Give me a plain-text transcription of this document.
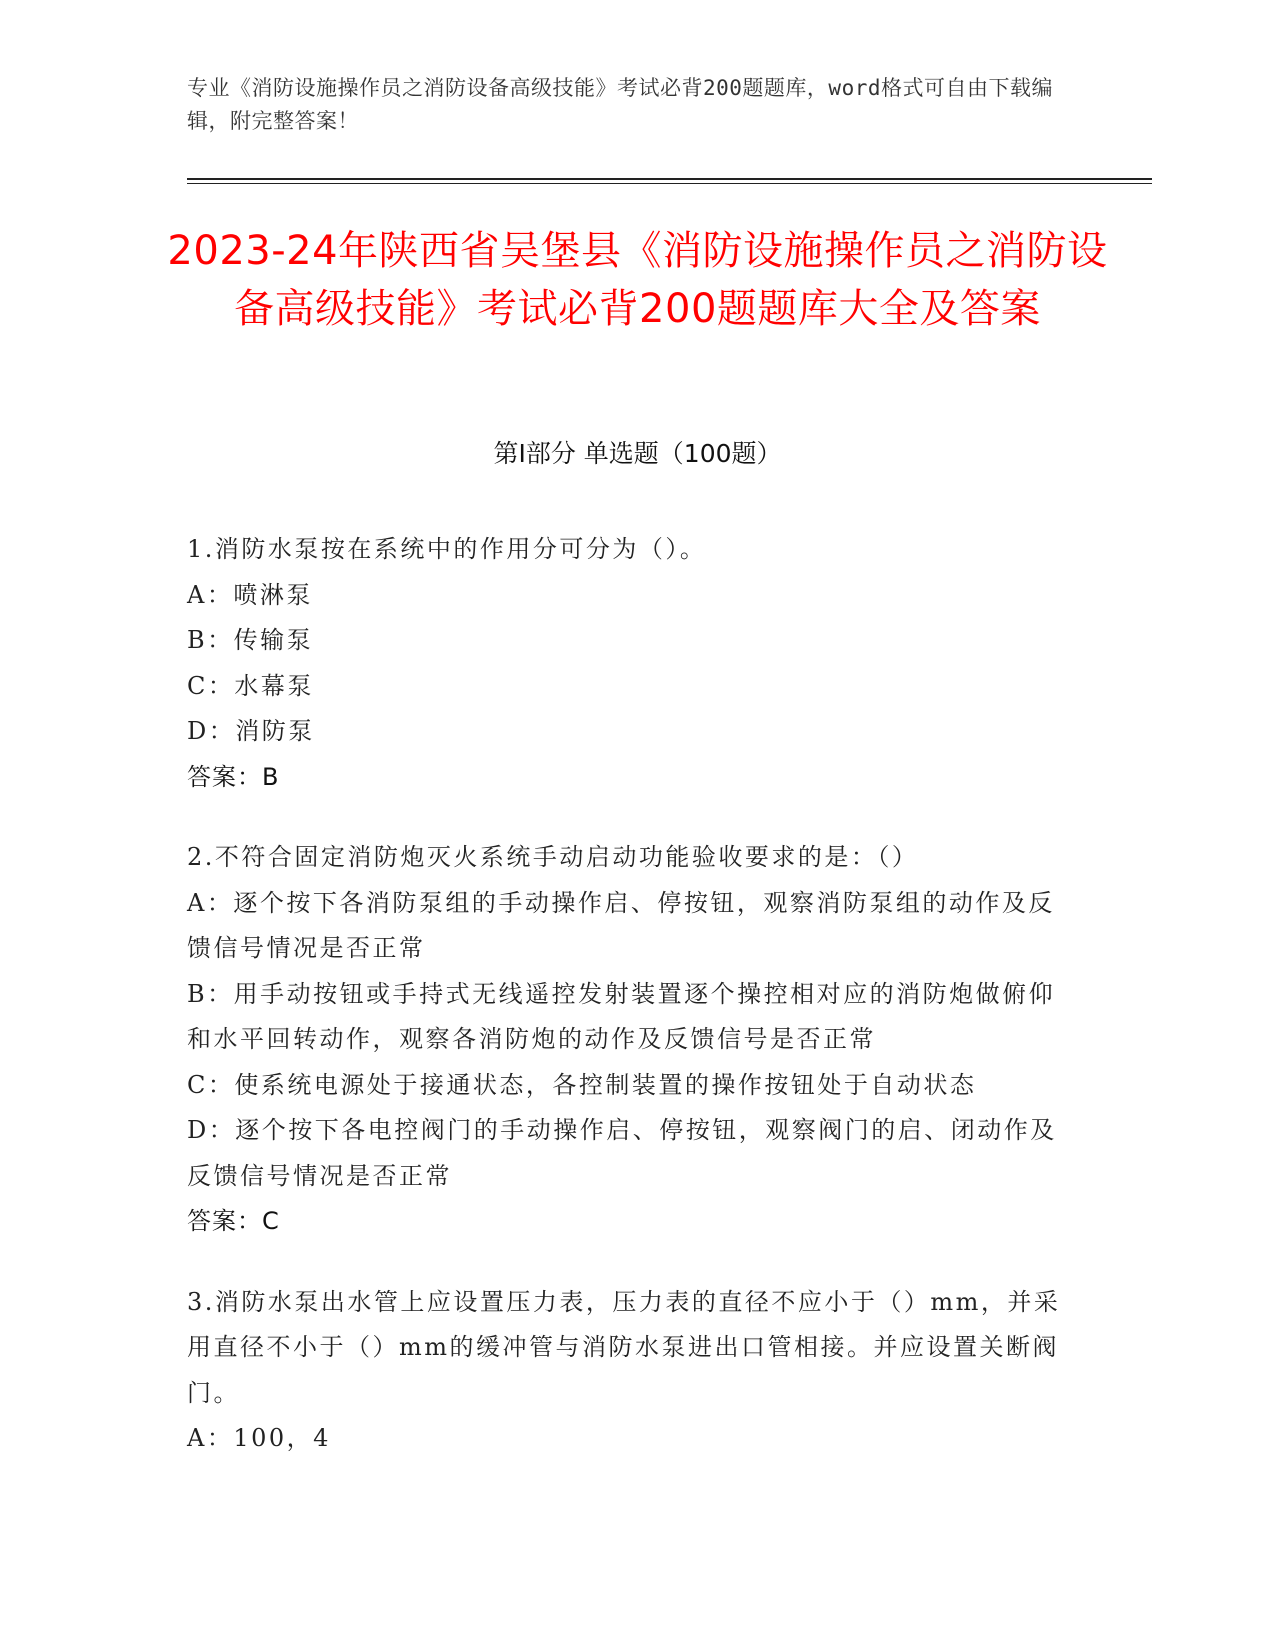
专业《消防设施操作员之消防设备高级技能》考试必背200题题库，word格式可自由下载编辑，附完整答案！
2023-24年陕西省吴堡县《消防设施操作员之消防设备高级技能》考试必背200题题库大全及答案
第Ⅰ部分 单选题（100题）
1.消防水泵按在系统中的作用分可分为（）。
A：喷淋泵
B：传输泵
C：水幕泵
D：消防泵
答案：B
2.不符合固定消防炮灭火系统手动启动功能验收要求的是：（）
A：逐个按下各消防泵组的手动操作启、停按钮，观察消防泵组的动作及反馈信号情况是否正常
B：用手动按钮或手持式无线遥控发射装置逐个操控相对应的消防炮做俯仰和水平回转动作，观察各消防炮的动作及反馈信号是否正常
C：使系统电源处于接通状态，各控制装置的操作按钮处于自动状态
D：逐个按下各电控阀门的手动操作启、停按钮，观察阀门的启、闭动作及反馈信号情况是否正常
答案：C
3.消防水泵出水管上应设置压力表，压力表的直径不应小于（）mm，并采用直径不小于（）mm的缓冲管与消防水泵进出口管相接。并应设置关断阀门。
A：100，4
